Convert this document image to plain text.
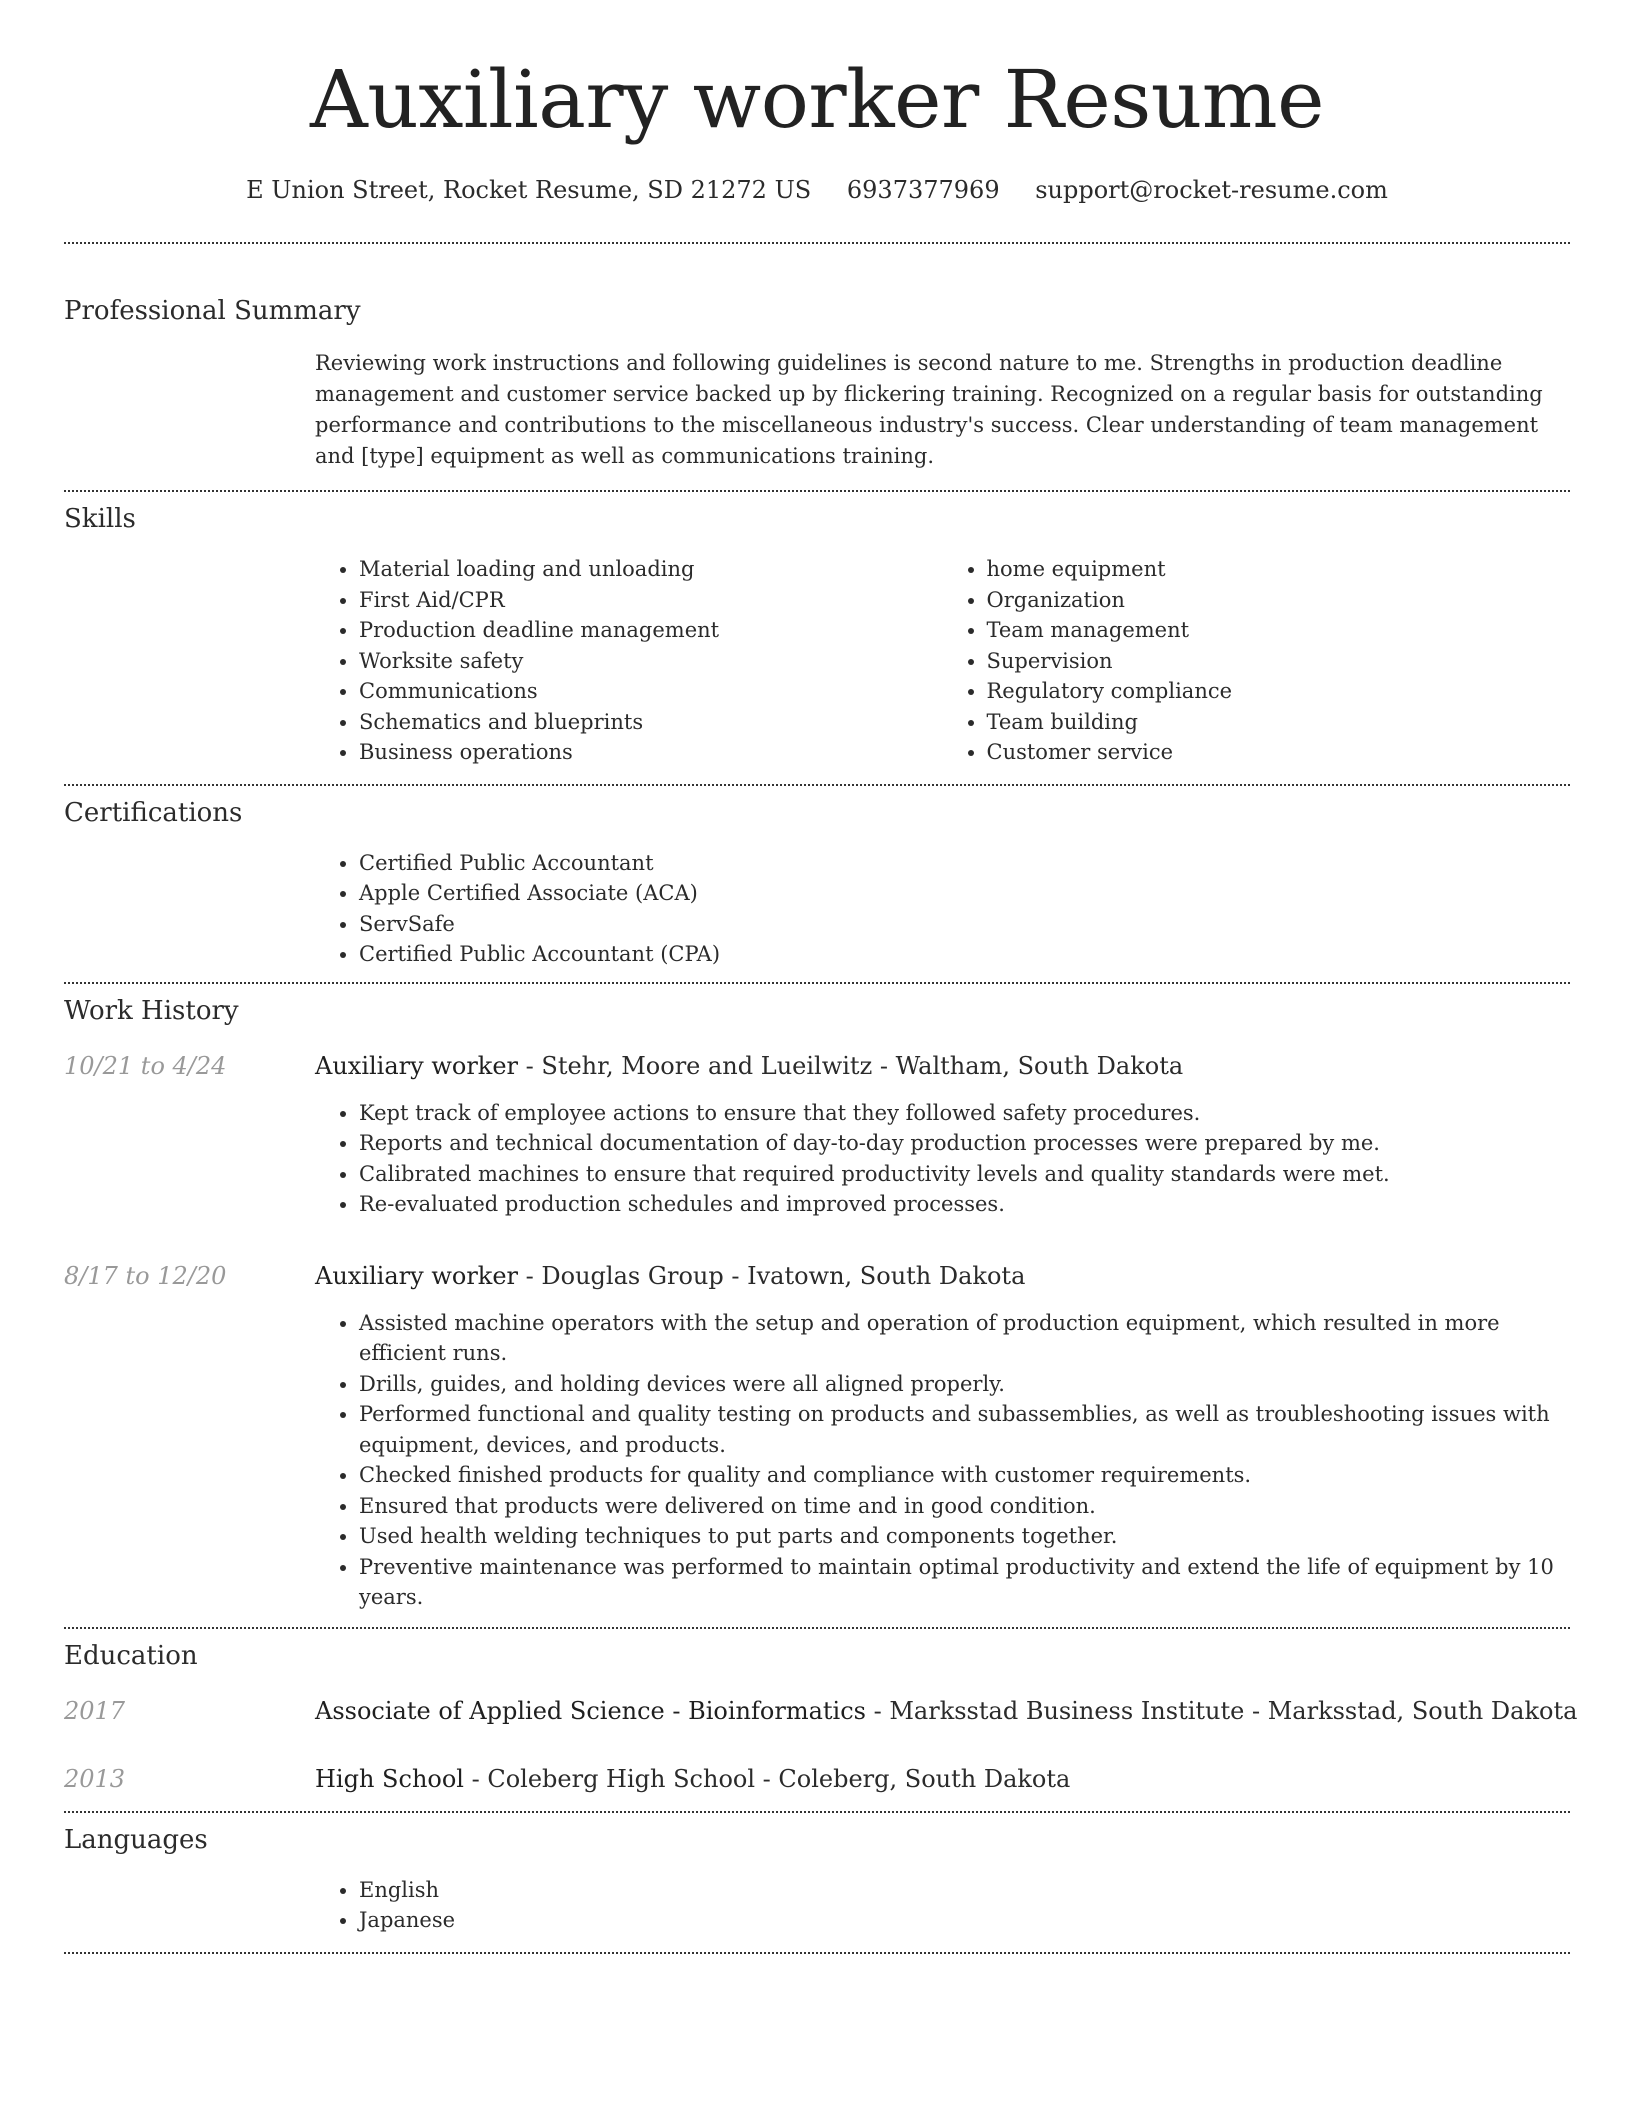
Auxiliary worker Resume
E Union Street, Rocket Resume, SD 21272 US 6937377969 support@rocket-resume.com
Professional Summary

Reviewing work instructions and following guidelines is second nature to me. Strengths in production deadline management and customer service backed up by flickering training. Recognized on a regular basis for outstanding performance and contributions to the miscellaneous industry's success. Clear understanding of team management and [type] equipment as well as communications training.

Skills
• Material loading and unloading
• First Aid/CPR
• Production deadline management
• Worksite safety
• Communications
• Schematics and blueprints
• Business operations
• home equipment
• Organization
• Team management
• Supervision
• Regulatory compliance
• Team building
• Customer service
Certifications
• Certified Public Accountant
• Apple Certified Associate (ACA)
• ServSafe
• Certified Public Accountant (CPA)
Work History
10/21 to 4/24	Auxiliary worker - Stehr, Moore and Lueilwitz - Waltham, South Dakota
• Kept track of employee actions to ensure that they followed safety procedures.
• Reports and technical documentation of day-to-day production processes were prepared by me.
• Calibrated machines to ensure that required productivity levels and quality standards were met.
• Re-evaluated production schedules and improved processes.
8/17 to 12/20	Auxiliary worker - Douglas Group - Ivatown, South Dakota
• Assisted machine operators with the setup and operation of production equipment, which resulted in more efficient runs.
• Drills, guides, and holding devices were all aligned properly.
• Performed functional and quality testing on products and subassemblies, as well as troubleshooting issues with equipment, devices, and products.
• Checked finished products for quality and compliance with customer requirements.
• Ensured that products were delivered on time and in good condition.
• Used health welding techniques to put parts and components together.
• Preventive maintenance was performed to maintain optimal productivity and extend the life of equipment by 10 years.
Education
2017	Associate of Applied Science - Bioinformatics - Marksstad Business Institute - Marksstad, South Dakota
2013	High School - Coleberg High School - Coleberg, South Dakota
Languages
• English
• Japanese
